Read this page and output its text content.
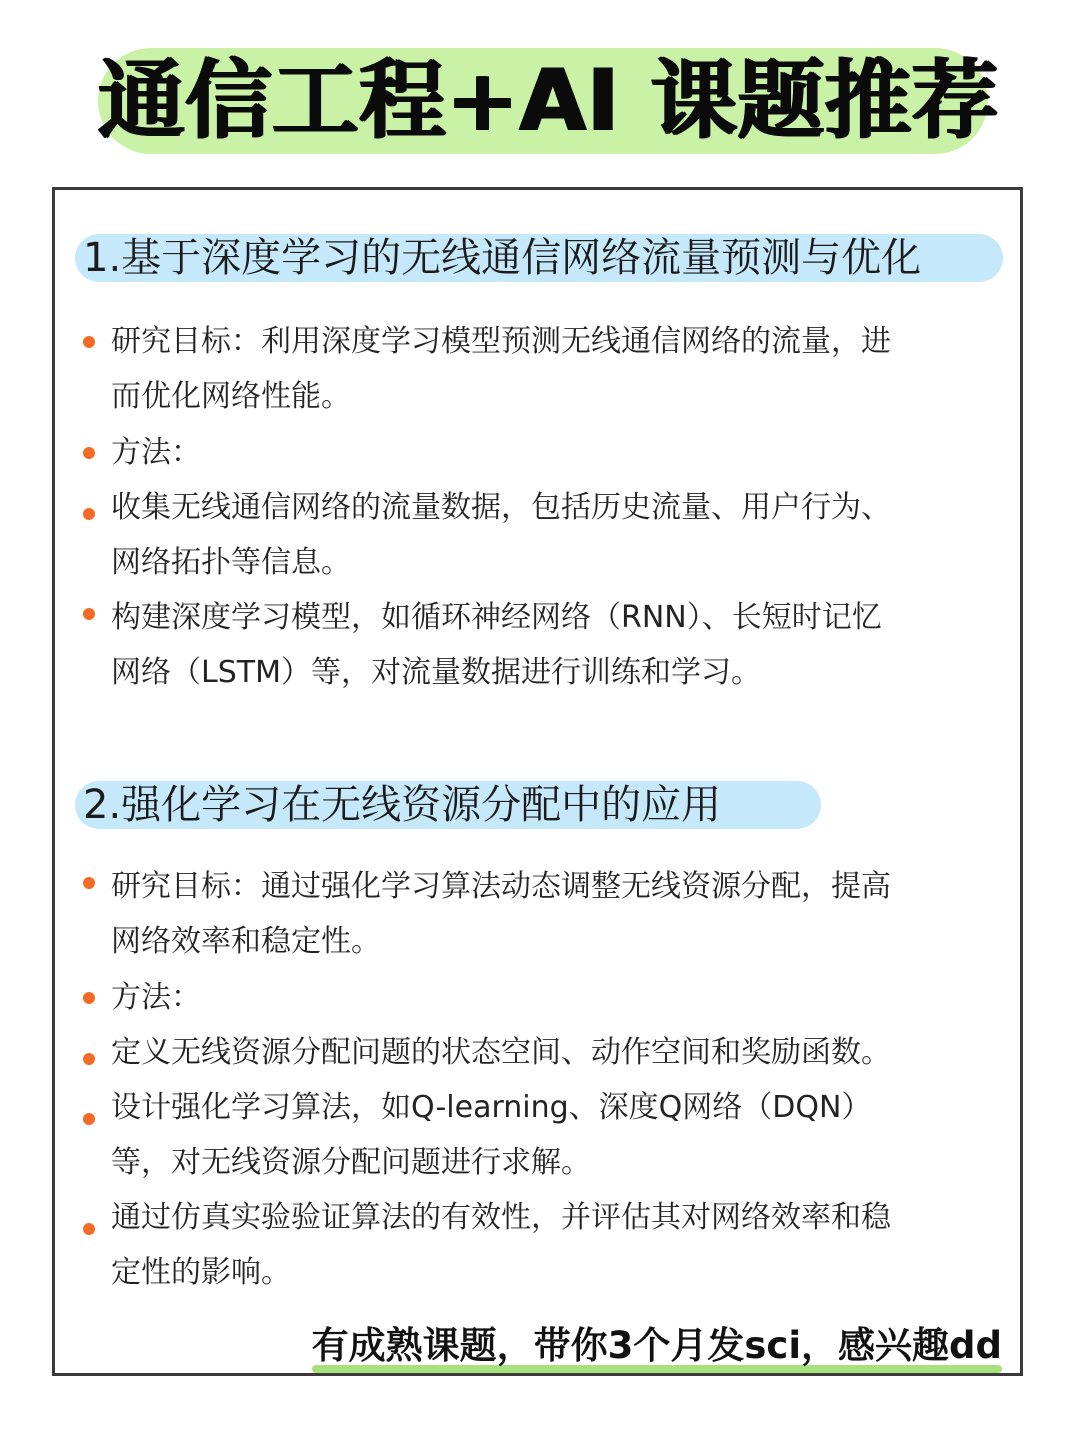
通信工程+AI 课题推荐
1.基于深度学习的无线通信网络流量预测与优化
研究目标：利用深度学习模型预测无线通信网络的流量，进
而优化网络性能。
方法：
收集无线通信网络的流量数据，包括历史流量、用户行为、
网络拓扑等信息。
构建深度学习模型，如循环神经网络（RNN）、长短时记忆
网络（LSTM）等，对流量数据进行训练和学习。
2.强化学习在无线资源分配中的应用
研究目标：通过强化学习算法动态调整无线资源分配，提高
网络效率和稳定性。
方法：
定义无线资源分配问题的状态空间、动作空间和奖励函数。
设计强化学习算法，如Q-learning、深度Q网络（DQN）
等，对无线资源分配问题进行求解。
通过仿真实验验证算法的有效性，并评估其对网络效率和稳
定性的影响。
有成熟课题，带你3个月发sci，感兴趣dd
